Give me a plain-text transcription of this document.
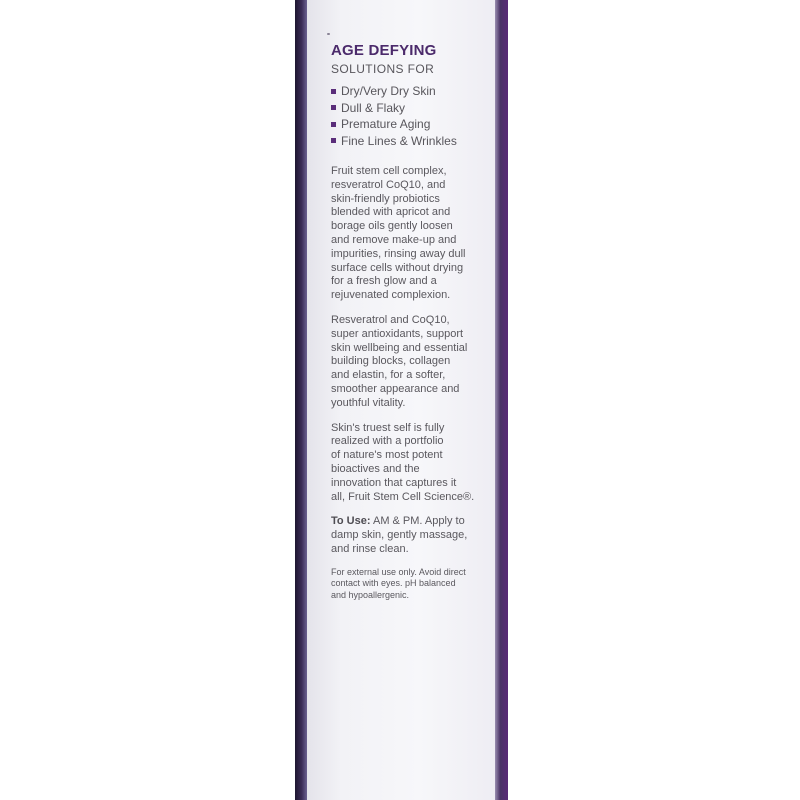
AGE DEFYING
SOLUTIONS FOR
Dry/Very Dry Skin
Dull & Flaky
Premature Aging
Fine Lines & Wrinkles

Fruit stem cell complex,
resveratrol CoQ10, and
skin-friendly probiotics
blended with apricot and
borage oils gently loosen
and remove make-up and
impurities, rinsing away dull
surface cells without drying
for a fresh glow and a
rejuvenated complexion.

Resveratrol and CoQ10,
super antioxidants, support
skin wellbeing and essential
building blocks, collagen
and elastin, for a softer,
smoother appearance and
youthful vitality.

Skin's truest self is fully
realized with a portfolio
of nature's most potent
bioactives and the
innovation that captures it
all, Fruit Stem Cell Science®.

To Use: AM & PM. Apply to
damp skin, gently massage,
and rinse clean.

For external use only. Avoid direct
contact with eyes. pH balanced
and hypoallergenic.
